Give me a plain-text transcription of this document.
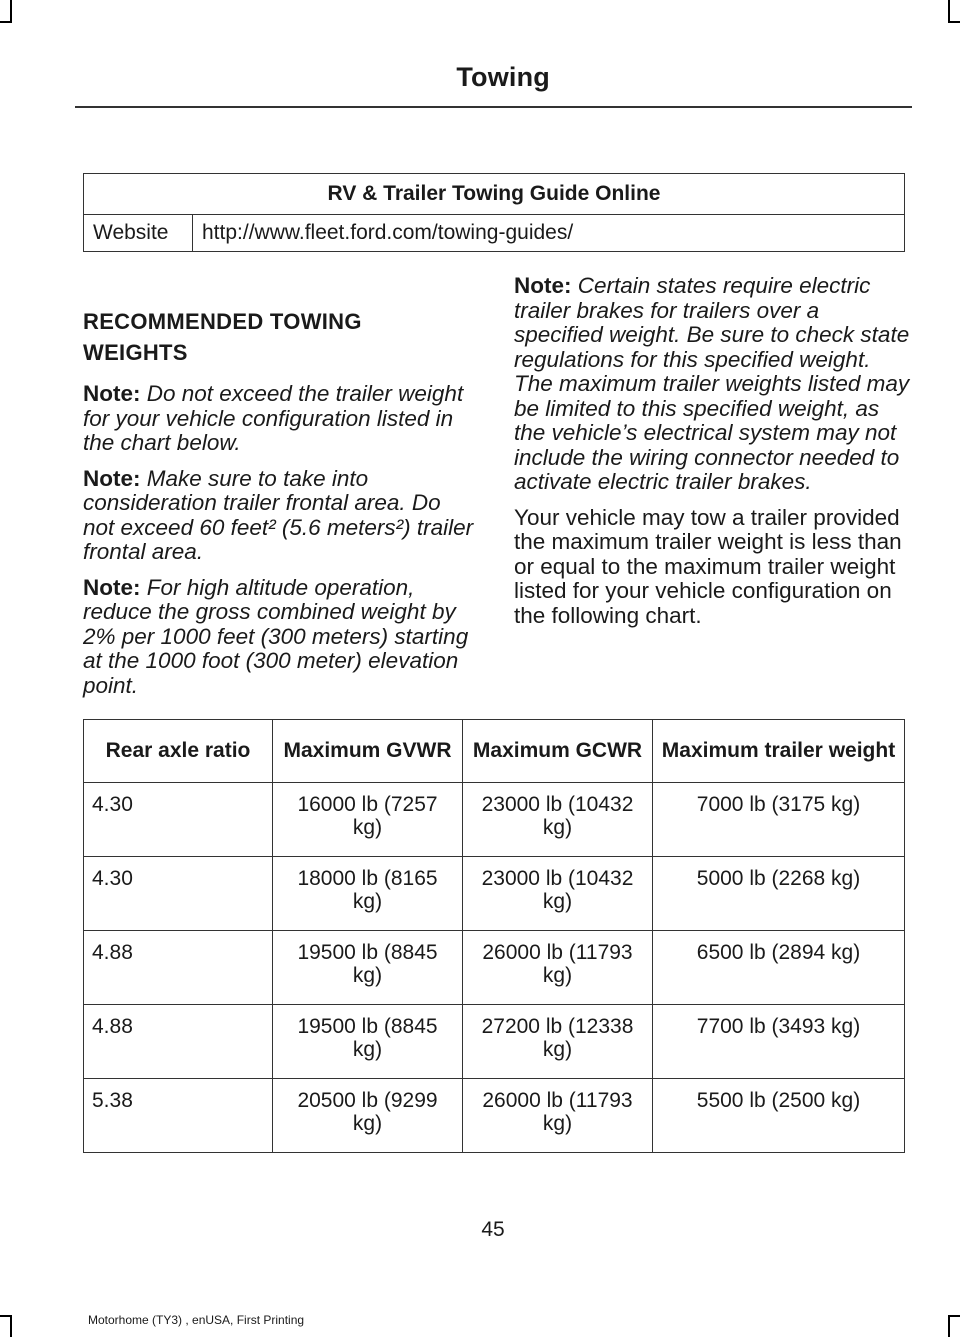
Towing
RV & Trailer Towing Guide Online
Website	http://www.fleet.ford.com/towing-guides/
RECOMMENDED TOWING
WEIGHTS

Note: Do not exceed the trailer weight for your vehicle configuration listed in the chart below.

Note: Make sure to take into consideration trailer frontal area. Do not exceed 60 feet² (5.6 meters²) trailer frontal area.

Note: For high altitude operation, reduce the gross combined weight by 2% per 1000 feet (300 meters) starting at the 1000 foot (300 meter) elevation point.

Note: Certain states require electric trailer brakes for trailers over a specified weight. Be sure to check state regulations for this specified weight. The maximum trailer weights listed may be limited to this specified weight, as the vehicle’s electrical system may not include the wiring connector needed to activate electric trailer brakes.

Your vehicle may tow a trailer provided the maximum trailer weight is less than or equal to the maximum trailer weight listed for your vehicle configuration on the following chart.

Rear axle ratio	Maximum GVWR	Maximum GCWR	Maximum trailer weight
4.30	16000 lb (7257 kg)	23000 lb (10432 kg)	7000 lb (3175 kg)
4.30	18000 lb (8165 kg)	23000 lb (10432 kg)	5000 lb (2268 kg)
4.88	19500 lb (8845 kg)	26000 lb (11793 kg)	6500 lb (2894 kg)
4.88	19500 lb (8845 kg)	27200 lb (12338 kg)	7700 lb (3493 kg)
5.38	20500 lb (9299 kg)	26000 lb (11793 kg)	5500 lb (2500 kg)
45
Motorhome (TY3) , enUSA, First Printing
